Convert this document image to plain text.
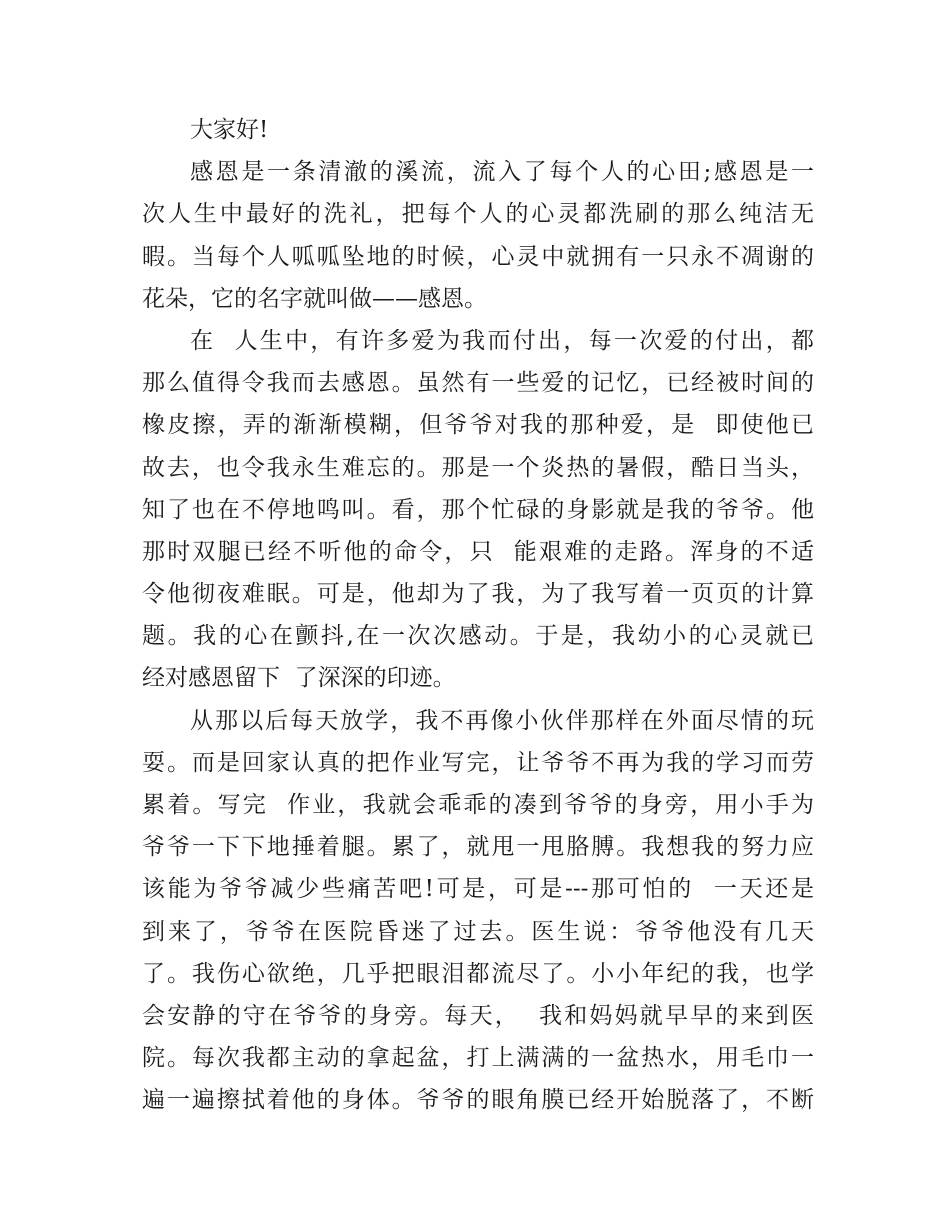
大家好!
感恩是一条清澈的溪流，流入了每个人的心田;感恩是一
次人生中最好的洗礼，把每个人的心灵都洗刷的那么纯洁无
暇。当每个人呱呱坠地的时候，心灵中就拥有一只永不凋谢的
花朵，它的名字就叫做——感恩。
在  人生中，有许多爱为我而付出，每一次爱的付出，都
那么值得令我而去感恩。虽然有一些爱的记忆，已经被时间的
橡皮擦，弄的渐渐模糊，但爷爷对我的那种爱，是  即使他已
故去，也令我永生难忘的。那是一个炎热的暑假，酷日当头，
知了也在不停地鸣叫。看，那个忙碌的身影就是我的爷爷。他
那时双腿已经不听他的命令，只  能艰难的走路。浑身的不适
令他彻夜难眠。可是，他却为了我，为了我写着一页页的计算
题。我的心在颤抖,在一次次感动。于是，我幼小的心灵就已
经对感恩留下  了深深的印迹。
从那以后每天放学，我不再像小伙伴那样在外面尽情的玩
耍。而是回家认真的把作业写完，让爷爷不再为我的学习而劳
累着。写完  作业，我就会乖乖的凑到爷爷的身旁，用小手为
爷爷一下下地捶着腿。累了，就甩一甩胳膊。我想我的努力应
该能为爷爷减少些痛苦吧!可是，可是---那可怕的  一天还是
到来了，爷爷在医院昏迷了过去。医生说：爷爷他没有几天
了。我伤心欲绝，几乎把眼泪都流尽了。小小年纪的我，也学
会安静的守在爷爷的身旁。每天，  我和妈妈就早早的来到医
院。每次我都主动的拿起盆，打上满满的一盆热水，用毛巾一
遍一遍擦拭着他的身体。爷爷的眼角膜已经开始脱落了，不断
